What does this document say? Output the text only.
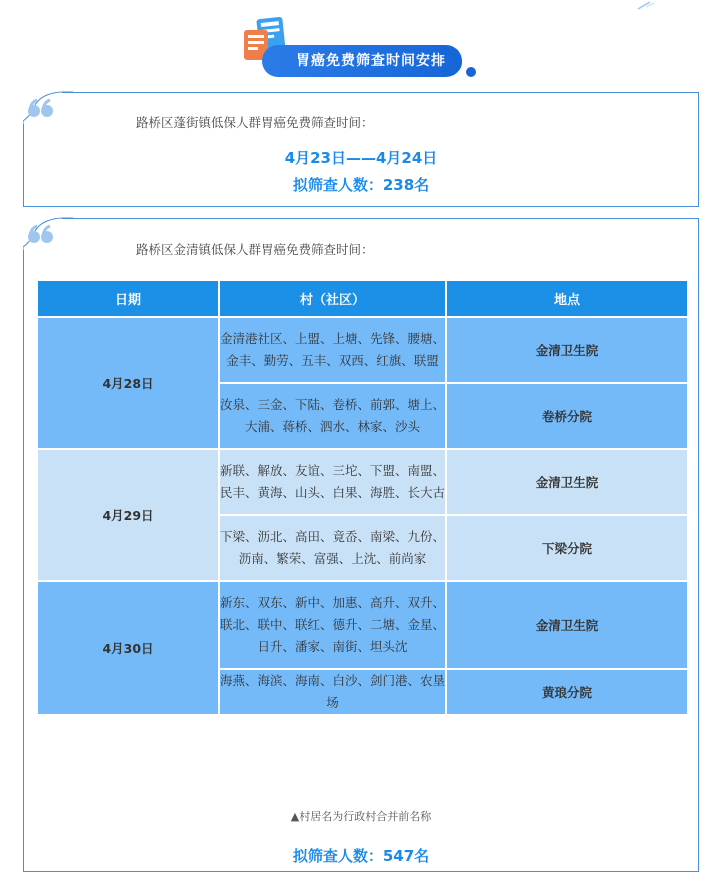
胃癌免费筛查时间安排
路桥区蓬街镇低保人群胃癌免费筛查时间：
4月23日——4月24日
拟筛查人数：238名
路桥区金清镇低保人群胃癌免费筛查时间：
日期	村（社区）	地点
4月28日	金清港社区、上盟、上塘、先锋、腰塘、金丰、勤劳、五丰、双西、红旗、联盟	金清卫生院
	汝泉、三金、下陆、卷桥、前郭、塘上、大浦、蒋桥、泗水、林家、沙头	卷桥分院
4月29日	新联、解放、友谊、三坨、下盟、南盟、民丰、黄海、山头、白果、海胜、长大古	金清卫生院
	下梁、沥北、高田、竟岙、南梁、九份、沥南、繁荣、富强、上沈、前尚家	下梁分院
4月30日	新东、双东、新中、加惠、高升、双升、联北、联中、联红、德升、二塘、金星、日升、潘家、南街、坦头沈	金清卫生院
	海燕、海滨、海南、白沙、剑门港、农垦场	黄琅分院
▲村居名为行政村合并前名称
拟筛查人数：547名
